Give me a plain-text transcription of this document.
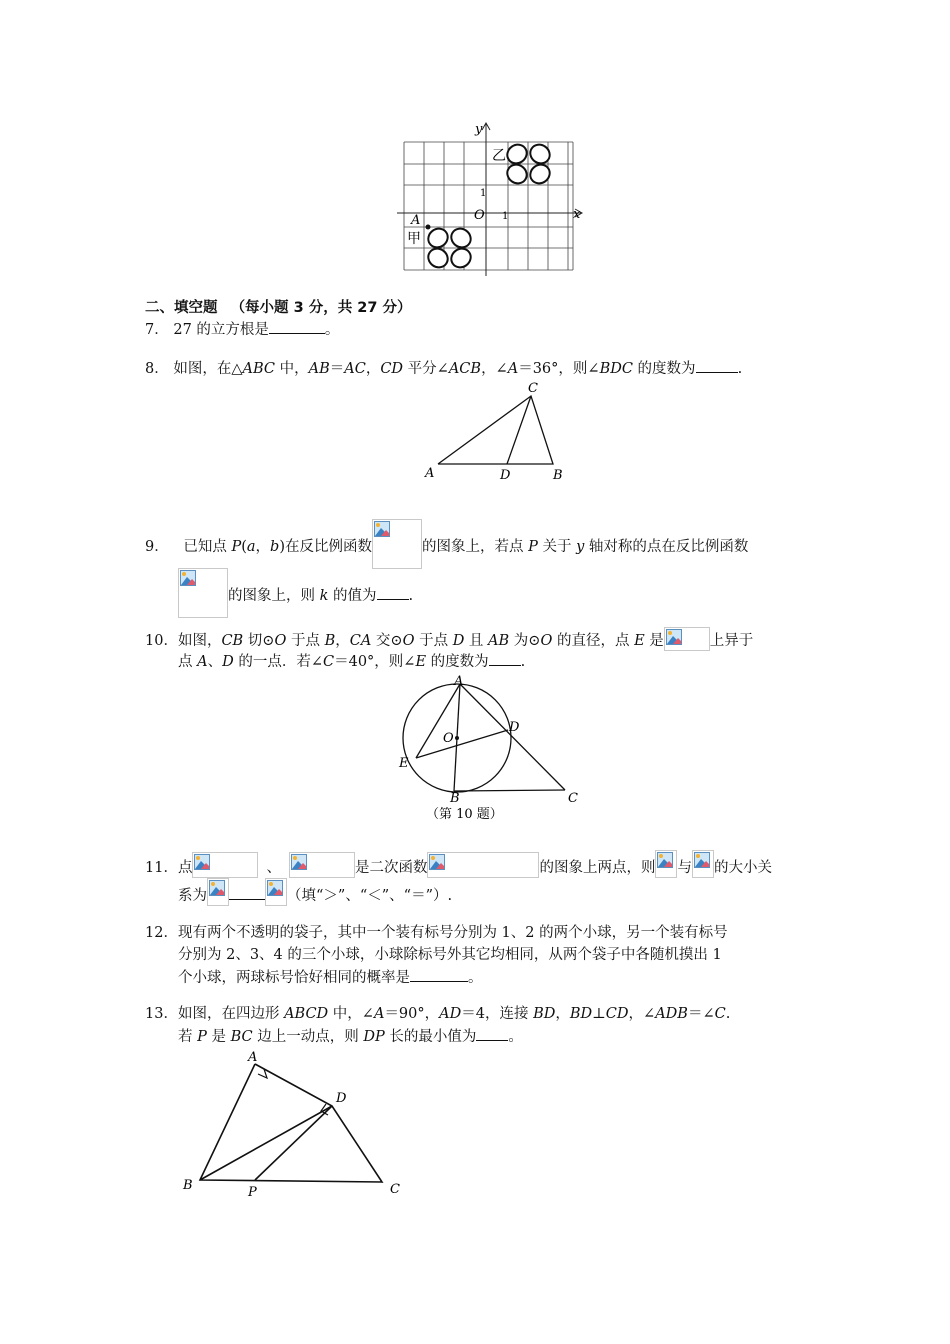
y
x
O 1
1
乙
甲
A
二、填空题 （每小题 3 分，共 27 分）
7． 27 的立方根是	。
8． 如图，在△ABC 中，AB＝AC，CD 平分∠ACB，∠A＝36°，则∠BDC 的度数为	.
C
A	D	B
9． 已知点 P(a，b)在反比例函数	的图象上，若点 P 关于 y 轴对称的点在反比例函数
的图象上，则 k 的值为 .
10．如图，CB 切⊙O 于点 B，CA 交⊙O 于点 D 且 AB 为⊙O 的直径，点 E 是	上异于
点 A、D 的一点．若∠C＝40°，则∠E 的度数为 .
A
D
O
E
B	C
（第 10 题）
11．点	、	是二次函数	的图象上两点，则 与 的大小关
系为	（填“＞”、“＜”、“＝”）.
12．现有两个不透明的袋子，其中一个装有标号分别为 1、2 的两个小球，另一个装有标号
分别为 2、3、4 的三个小球，小球除标号外其它均相同，从两个袋子中各随机摸出 1
个小球，两球标号恰好相同的概率是	。
13．如图，在四边形 ABCD 中，∠A＝90°，AD＝4，连接 BD，BD⊥CD，∠ADB＝∠C.
若 P 是 BC 边上一动点，则 DP 长的最小值为 。
A
D
B	P	C
